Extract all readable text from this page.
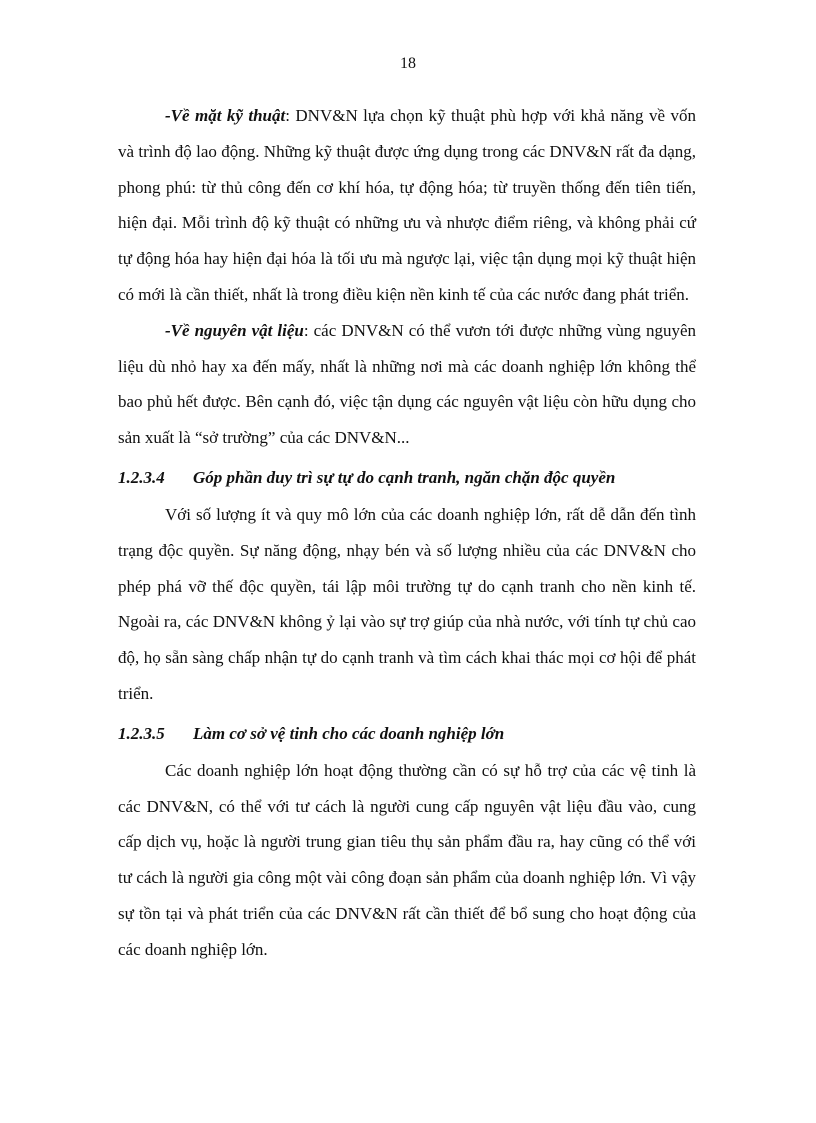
18

-Về mặt kỹ thuật: DNV&N lựa chọn kỹ thuật phù hợp với khả năng về vốn và trình độ lao động. Những kỹ thuật được ứng dụng trong các DNV&N rất đa dạng, phong phú: từ thủ công đến cơ khí hóa, tự động hóa; từ truyền thống đến tiên tiến, hiện đại. Mỗi trình độ kỹ thuật có những ưu và nhược điểm riêng, và không phải cứ tự động hóa hay hiện đại hóa là tối ưu mà ngược lại, việc tận dụng mọi kỹ thuật hiện có mới là cần thiết, nhất là trong điều kiện nền kinh tế của các nước đang phát triển.

-Về nguyên vật liệu: các DNV&N có thể vươn tới được những vùng nguyên liệu dù nhỏ hay xa đến mấy, nhất là những nơi mà các doanh nghiệp lớn không thể bao phủ hết được. Bên cạnh đó, việc tận dụng các nguyên vật liệu còn hữu dụng cho sản xuất là “sở trường” của các DNV&N...

1.2.3.4 Góp phần duy trì sự tự do cạnh tranh, ngăn chặn độc quyền

Với số lượng ít và quy mô lớn của các doanh nghiệp lớn, rất dễ dẫn đến tình trạng độc quyền. Sự năng động, nhạy bén và số lượng nhiều của các DNV&N cho phép phá vỡ thế độc quyền, tái lập môi trường tự do cạnh tranh cho nền kinh tế. Ngoài ra, các DNV&N không ỷ lại vào sự trợ giúp của nhà nước, với tính tự chủ cao độ, họ sẵn sàng chấp nhận tự do cạnh tranh và tìm cách khai thác mọi cơ hội để phát triển.

1.2.3.5 Làm cơ sở vệ tinh cho các doanh nghiệp lớn

Các doanh nghiệp lớn hoạt động thường cần có sự hỗ trợ của các vệ tinh là các DNV&N, có thể với tư cách là người cung cấp nguyên vật liệu đầu vào, cung cấp dịch vụ, hoặc là người trung gian tiêu thụ sản phẩm đầu ra, hay cũng có thể với tư cách là người gia công một vài công đoạn sản phẩm của doanh nghiệp lớn. Vì vậy sự tồn tại và phát triển của các DNV&N rất cần thiết để bổ sung cho hoạt động của các doanh nghiệp lớn.
